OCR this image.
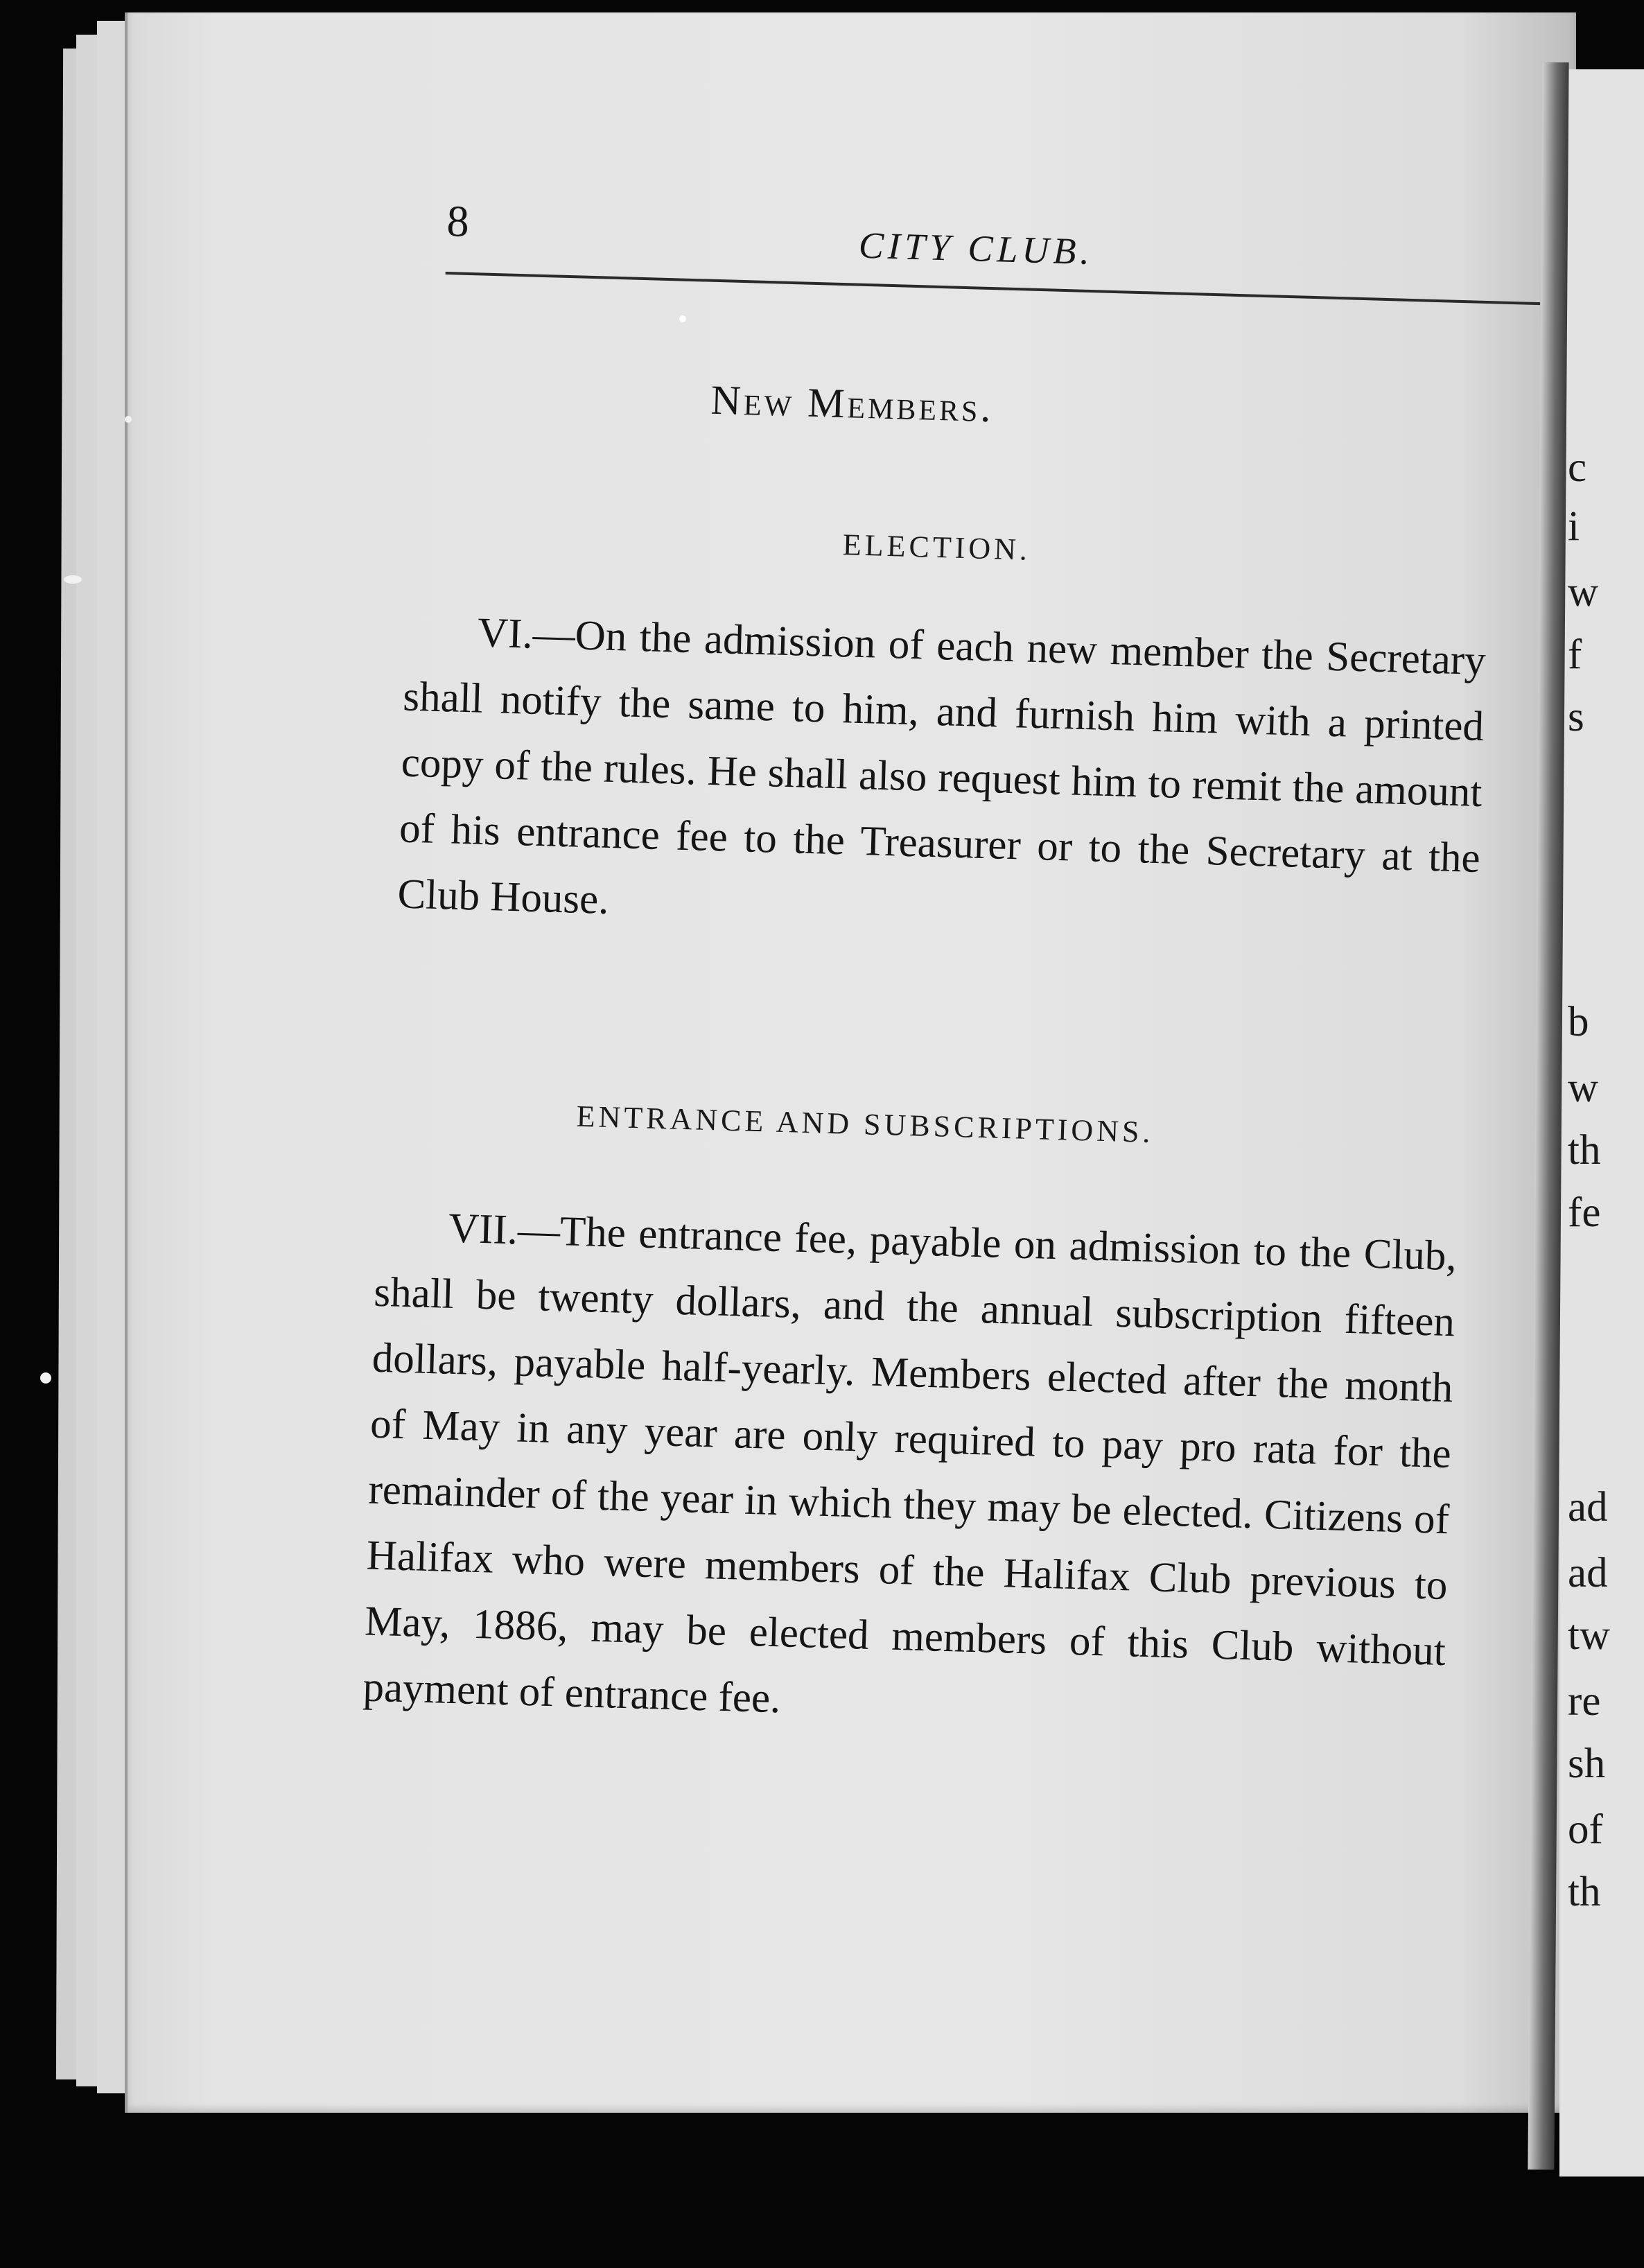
8
CITY CLUB.
New Members.
ELECTION.
VI.—On the admission of each new member the Secretary shall notify the same to him, and furnish him with a printed copy of the rules. He shall also request him to remit the amount of his entrance fee to the Treasurer or to the Secretary at the Club House.
ENTRANCE AND SUBSCRIPTIONS.
VII.—The entrance fee, payable on admission to the Club, shall be twenty dollars, and the annual subscription fifteen dollars, payable half-yearly. Members elected after the month of May in any year are only required to pay pro rata for the remainder of the year in which they may be elected. Citizens of Halifax who were members of the Halifax Club previous to May, 1886, may be elected members of this Club without payment of entrance fee.
c
i
w
f
s
b
w
th
fe
ad
ad
tw
re
sh
of
th
